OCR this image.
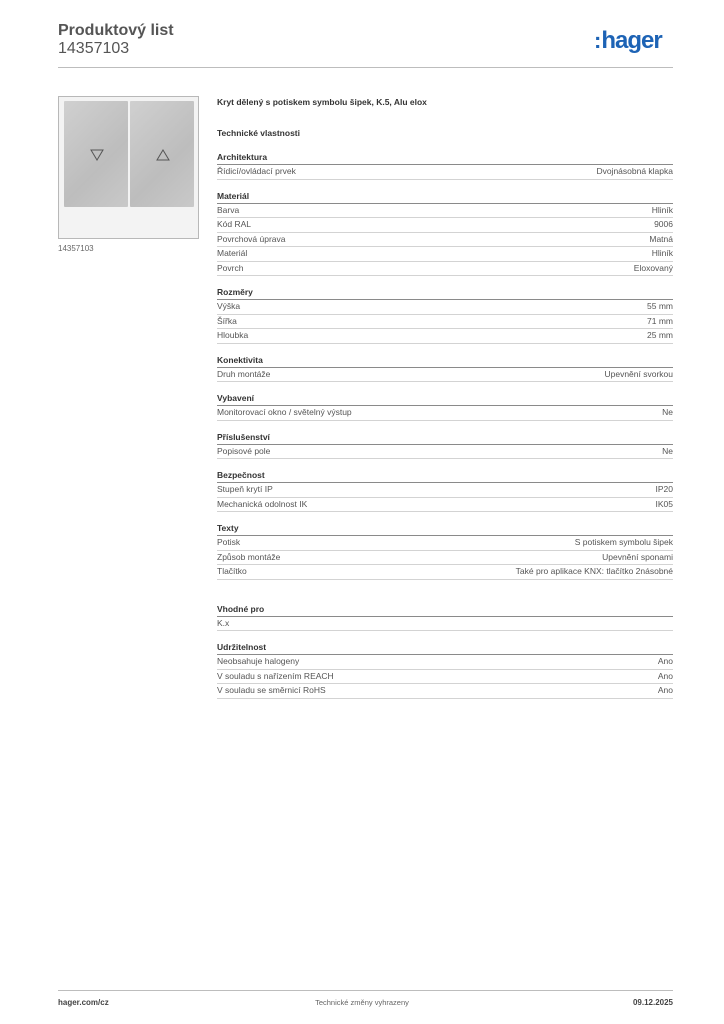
Produktový list
14357103	:hager
14357103
Kryt dělený s potiskem symbolu šipek, K.5, Alu elox
Technické vlastnosti
Architektura
Řídicí/ovládací prvek	Dvojnásobná klapka
Materiál
Barva	Hliník
Kód RAL	9006
Povrchová úprava	Matná
Materiál	Hliník
Povrch	Eloxovaný
Rozměry
Výška	55 mm
Šířka	71 mm
Hloubka	25 mm
Konektivita
Druh montáže	Upevnění svorkou
Vybavení
Monitorovací okno / světelný výstup	Ne
Příslušenství
Popisové pole	Ne
Bezpečnost
Stupeň krytí IP	IP20
Mechanická odolnost IK	IK05
Texty
Potisk	S potiskem symbolu šipek
Způsob montáže	Upevnění sponami
Tlačítko	Také pro aplikace KNX: tlačítko 2násobné
Vhodné pro
K.x
Udržitelnost
Neobsahuje halogeny	Ano
V souladu s nařízením REACH	Ano
V souladu se směrnicí RoHS	Ano
hager.com/cz	Technické změny vyhrazeny	09.12.2025
